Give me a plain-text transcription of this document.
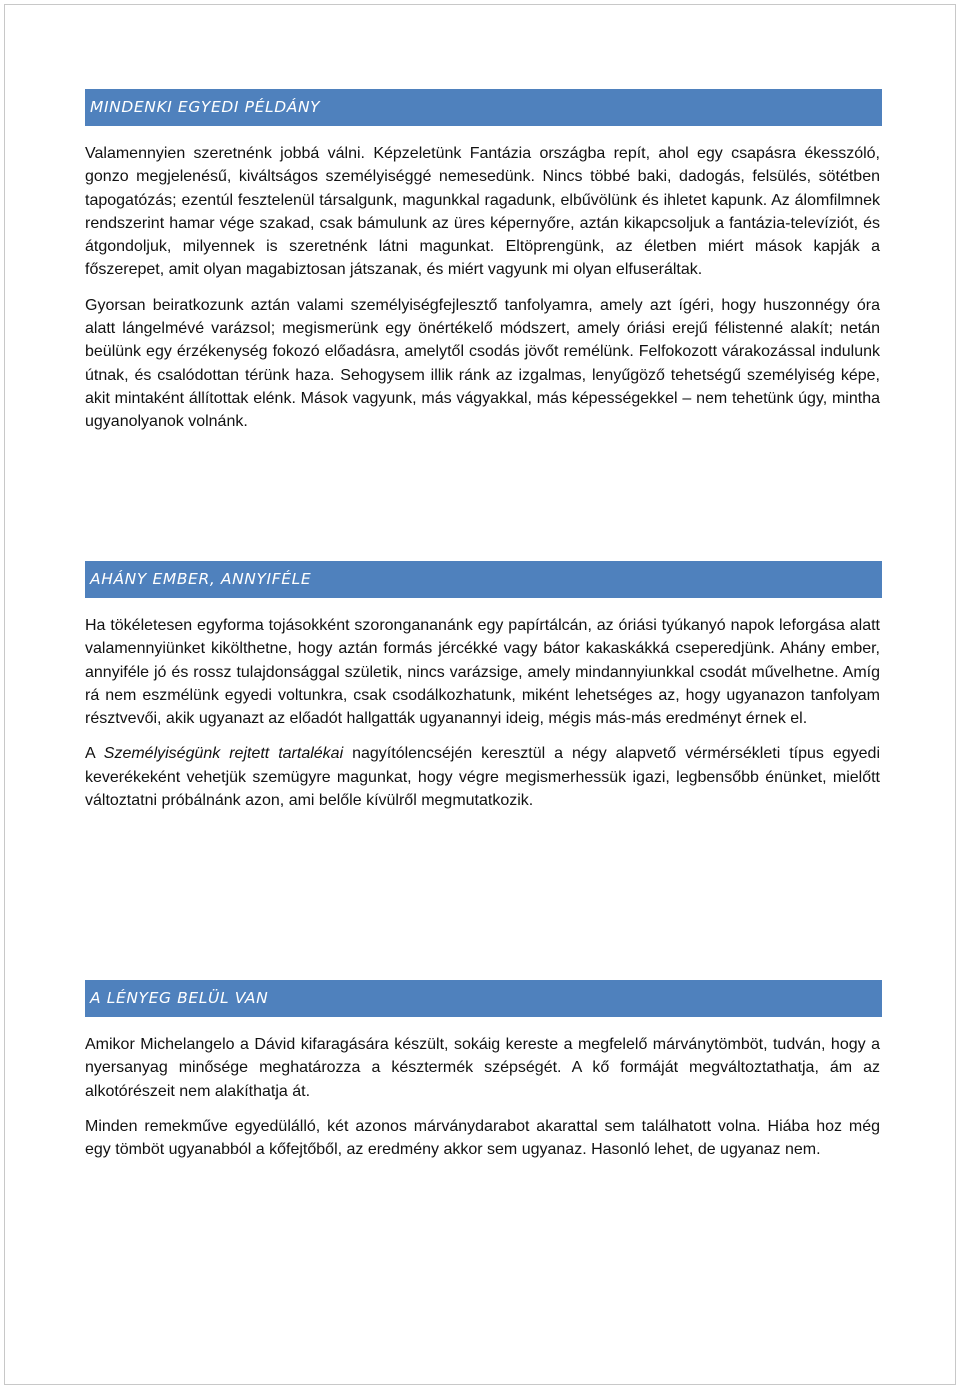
MINDENKI EGYEDI PÉLDÁNY

Valamennyien szeretnénk jobbá válni. Képzeletünk Fantázia országba repít, ahol egy csapásra ékesszóló, gonzo megjelenésű, kiváltságos személyiséggé nemesedünk. Nincs többé baki, dadogás, felsülés, sötétben tapogatózás; ezentúl fesztelenül társalgunk, magunkkal ragadunk, elbűvölünk és ihletet kapunk. Az álomfilmnek rendszerint hamar vége szakad, csak bámulunk az üres képernyőre, aztán kikapcsoljuk a fantázia-televíziót, és átgondoljuk, milyennek is szeretnénk látni magunkat. Eltöprengünk, az életben miért mások kapják a főszerepet, amit olyan magabiztosan játszanak, és miért vagyunk mi olyan elfuseráltak.

Gyorsan beiratkozunk aztán valami személyiségfejlesztő tanfolyamra, amely azt ígéri, hogy huszonnégy óra alatt lángelmévé varázsol; megismerünk egy önértékelő módszert, amely óriási erejű félistenné alakít; netán beülünk egy érzékenység fokozó előadásra, amelytől csodás jövőt remélünk. Felfokozott várakozással indulunk útnak, és csalódottan térünk haza. Sehogysem illik ránk az izgalmas, lenyűgöző tehetségű személyiség képe, akit mintaként állítottak elénk. Mások vagyunk, más vágyakkal, más képességekkel – nem tehetünk úgy, mintha ugyanolyanok volnánk.

AHÁNY EMBER, ANNYIFÉLE

Ha tökéletesen egyforma tojásokként szorongananánk egy papírtálcán, az óriási tyúkanyó napok leforgása alatt valamennyiünket kikölthetne, hogy aztán formás jércékké vagy bátor kakaskákká cseperedjünk. Ahány ember, annyiféle jó és rossz tulajdonsággal születik, nincs varázsige, amely mindannyiunkkal csodát művelhetne. Amíg rá nem eszmélünk egyedi voltunkra, csak csodálkozhatunk, miként lehetséges az, hogy ugyanazon tanfolyam résztvevői, akik ugyanazt az előadót hallgatták ugyanannyi ideig, mégis más-más eredményt érnek el.

A Személyiségünk rejtett tartalékai nagyítólencséjén keresztül a négy alapvető vérmérsékleti típus egyedi keverékeként vehetjük szemügyre magunkat, hogy végre megismerhessük igazi, legbensőbb énünket, mielőtt változtatni próbálnánk azon, ami belőle kívülről megmutatkozik.

A LÉNYEG BELÜL VAN

Amikor Michelangelo a Dávid kifaragására készült, sokáig kereste a megfelelő márványtömböt, tudván, hogy a nyersanyag minősége meghatározza a késztermék szépségét. A kő formáját megváltoztathatja, ám az alkotórészeit nem alakíthatja át.

Minden remekműve egyedülálló, két azonos márványdarabot akarattal sem találhatott volna. Hiába hoz még egy tömböt ugyanabból a kőfejtőből, az eredmény akkor sem ugyanaz. Hasonló lehet, de ugyanaz nem.
